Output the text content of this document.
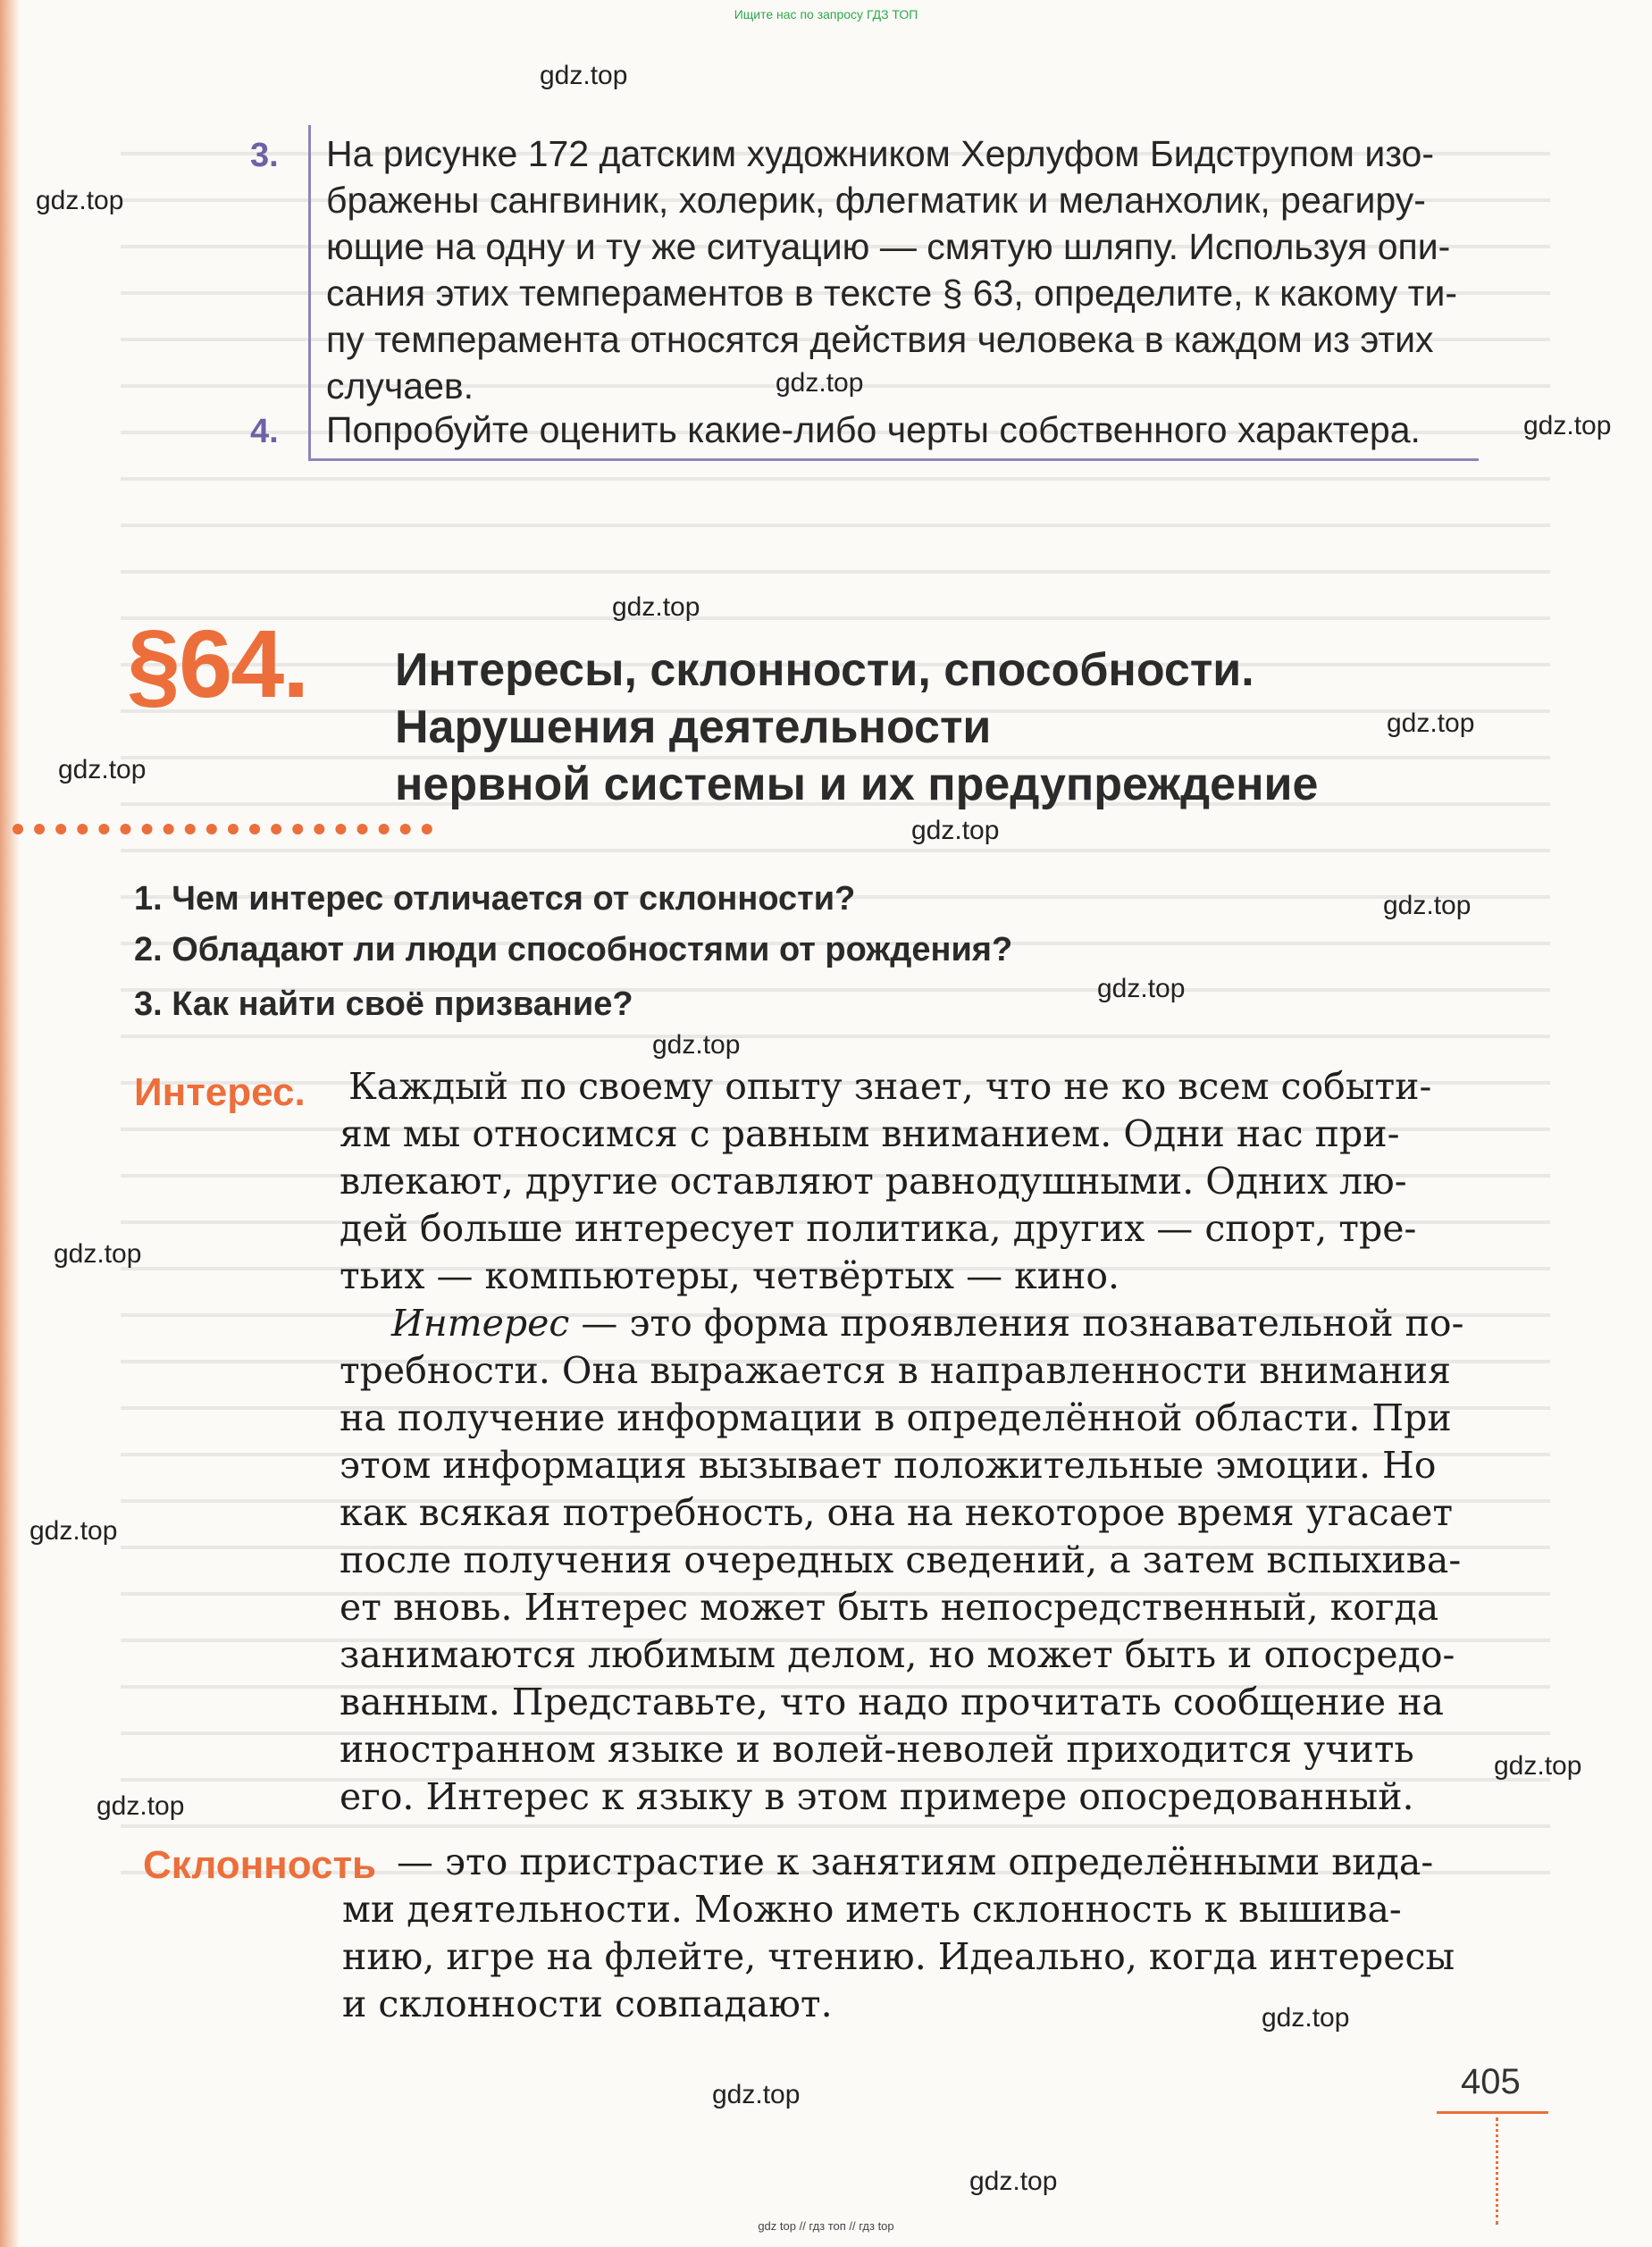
Ищите нас по запросу ГДЗ ТОП
gdz.top
gdz.top
gdz.top
gdz.top
gdz.top
gdz.top
gdz.top
gdz.top
gdz.top
gdz.top
gdz.top
gdz.top
gdz.top
gdz.top
gdz.top
gdz.top
gdz.top
gdz.top
3. На рисунке 172 датским художником Херлуфом Бидструпом изо-
бражены сангвиник, холерик, флегматик и меланхолик, реагиру-
ющие на одну и ту же ситуацию — смятую шляпу. Используя опи-
сания этих темпераментов в тексте § 63, определите, к какому ти-
пу темперамента относятся действия человека в каждом из этих
случаев.
4. Попробуйте оценить какие-либо черты собственного характера.
§64. Интересы, склонности, способности.
Нарушения деятельности
нервной системы и их предупреждение
1. Чем интерес отличается от склонности?
2. Обладают ли люди способностями от рождения?
3. Как найти своё призвание?
Интерес. Каждый по своему опыту знает, что не ко всем событи-
ям мы относимся с равным вниманием. Одни нас при-
влекают, другие оставляют равнодушными. Одних лю-
дей больше интересует политика, других — спорт, тре-
тьих — компьютеры, четвёртых — кино.
Интерес — это форма проявления познавательной по-
требности. Она выражается в направленности внимания
на получение информации в определённой области. При
этом информация вызывает положительные эмоции. Но
как всякая потребность, она на некоторое время угасает
после получения очередных сведений, а затем вспыхива-
ет вновь. Интерес может быть непосредственный, когда
занимаются любимым делом, но может быть и опосредо-
ванным. Представьте, что надо прочитать сообщение на
иностранном языке и волей-неволей приходится учить
его. Интерес к языку в этом примере опосредованный.
Склонность — это пристрастие к занятиям определёнными вида-
ми деятельности. Можно иметь склонность к вышива-
нию, игре на флейте, чтению. Идеально, когда интересы
и склонности совпадают.
405
gdz top // гдз топ // гдз top
